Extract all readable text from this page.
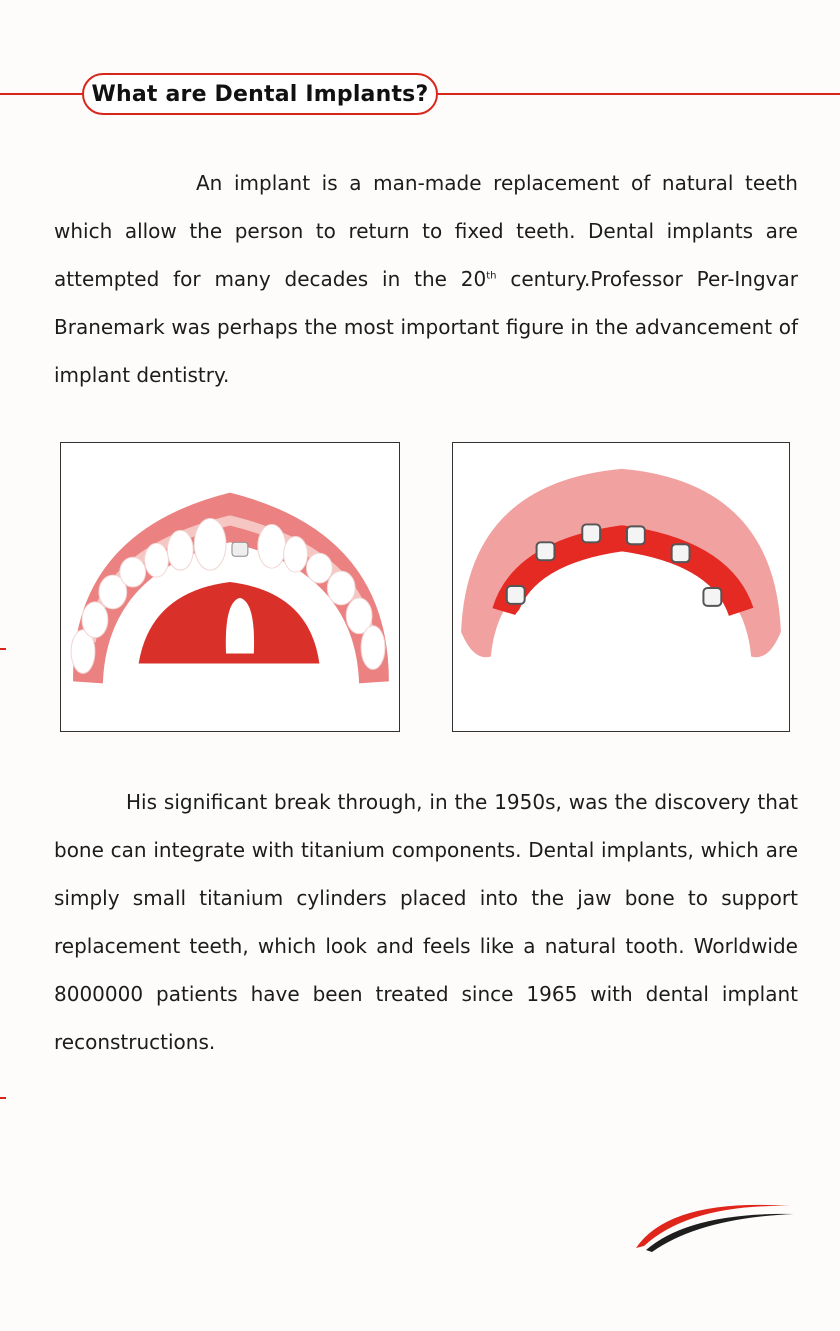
What are Dental Implants?

An implant is a man-made replacement of natural teeth which allow the person to return to fixed teeth. Dental implants are attempted for many decades in the 20th century.Professor Per-Ingvar Branemark was perhaps the most important figure in the advancement of implant dentistry.

His significant break through, in the 1950s, was the discovery that bone can integrate with titanium components. Dental implants, which are simply small titanium cylinders placed into the jaw bone to support replacement teeth, which look and feels like a natural tooth. Worldwide 8000000 patients have been treated since 1965 with dental implant reconstructions.
